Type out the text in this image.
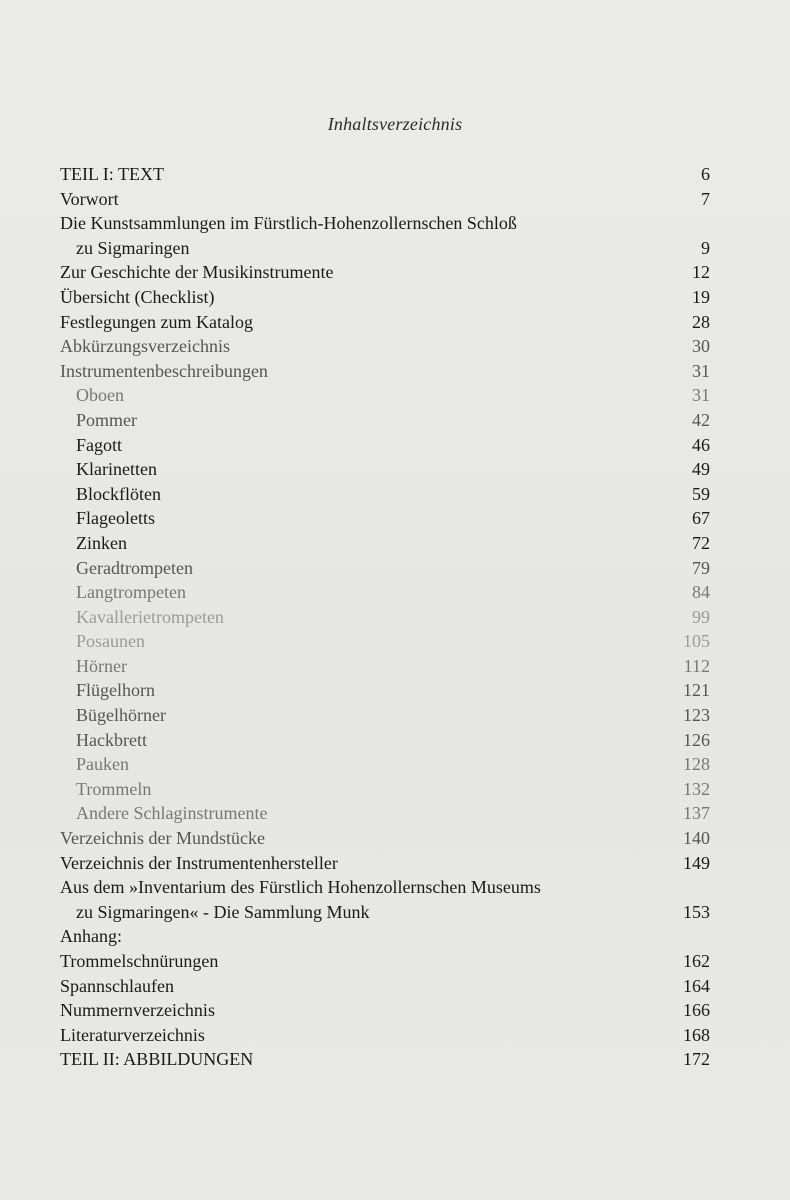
Inhaltsverzeichnis
TEIL I: TEXT	6
Vorwort	7
Die Kunstsammlungen im Fürstlich-Hohenzollernschen Schloß
zu Sigmaringen	9
Zur Geschichte der Musikinstrumente	12
Übersicht (Checklist)	19
Festlegungen zum Katalog	28
Abkürzungsverzeichnis	30
Instrumentenbeschreibungen	31
Oboen	31
Pommer	42
Fagott	46
Klarinetten	49
Blockflöten	59
Flageoletts	67
Zinken	72
Geradtrompeten	79
Langtrompeten	84
Kavallerietrompeten	99
Posaunen	105
Hörner	112
Flügelhorn	121
Bügelhörner	123
Hackbrett	126
Pauken	128
Trommeln	132
Andere Schlaginstrumente	137
Verzeichnis der Mundstücke	140
Verzeichnis der Instrumentenhersteller	149
Aus dem »Inventarium des Fürstlich Hohenzollernschen Museums
zu Sigmaringen« - Die Sammlung Munk	153
Anhang:
Trommelschnürungen	162
Spannschlaufen	164
Nummernverzeichnis	166
Literaturverzeichnis	168
TEIL II: ABBILDUNGEN	172
